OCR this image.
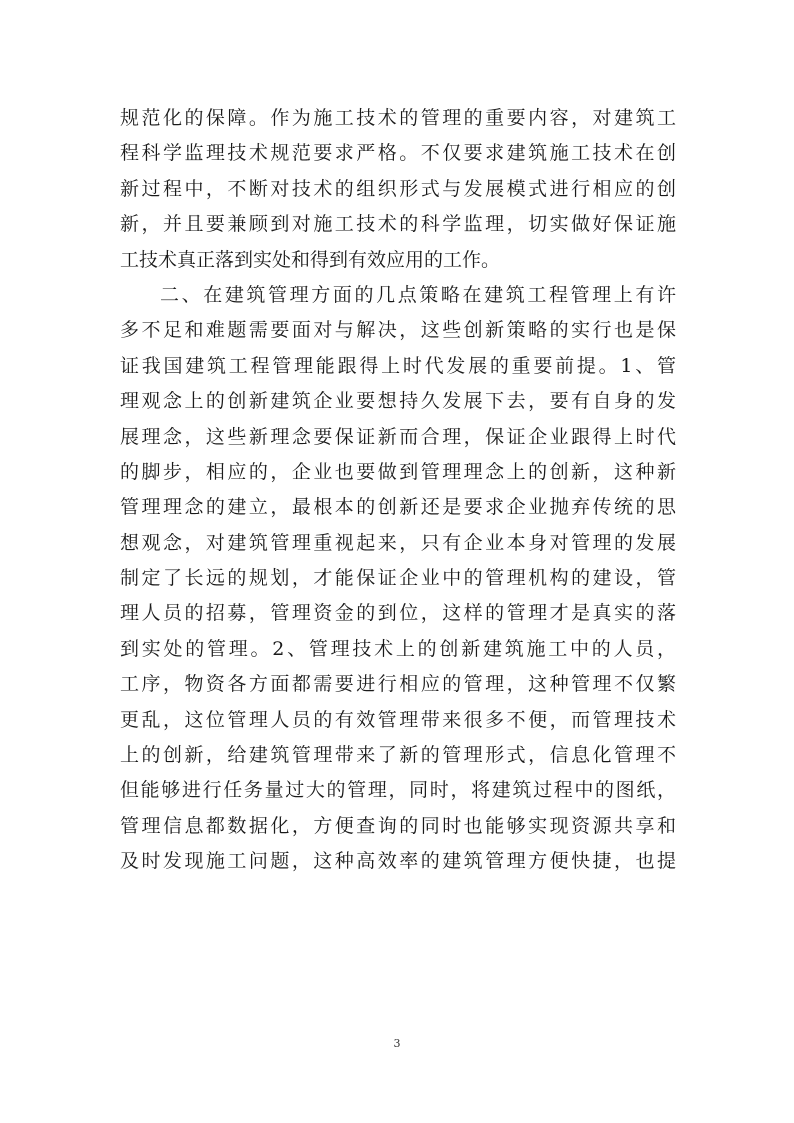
规范化的保障。作为施工技术的管理的重要内容，对建筑工
程科学监理技术规范要求严格。不仅要求建筑施工技术在创
新过程中，不断对技术的组织形式与发展模式进行相应的创
新，并且要兼顾到对施工技术的科学监理，切实做好保证施
工技术真正落到实处和得到有效应用的工作。
二、在建筑管理方面的几点策略在建筑工程管理上有许
多不足和难题需要面对与解决，这些创新策略的实行也是保
证我国建筑工程管理能跟得上时代发展的重要前提。1、管
理观念上的创新建筑企业要想持久发展下去，要有自身的发
展理念，这些新理念要保证新而合理，保证企业跟得上时代
的脚步，相应的，企业也要做到管理理念上的创新，这种新
管理理念的建立，最根本的创新还是要求企业抛弃传统的思
想观念，对建筑管理重视起来，只有企业本身对管理的发展
制定了长远的规划，才能保证企业中的管理机构的建设，管
理人员的招募，管理资金的到位，这样的管理才是真实的落
到实处的管理。2、管理技术上的创新建筑施工中的人员，
工序，物资各方面都需要进行相应的管理，这种管理不仅繁
更乱，这位管理人员的有效管理带来很多不便，而管理技术
上的创新，给建筑管理带来了新的管理形式，信息化管理不
但能够进行任务量过大的管理，同时，将建筑过程中的图纸，
管理信息都数据化，方便查询的同时也能够实现资源共享和
及时发现施工问题，这种高效率的建筑管理方便快捷，也提
3
